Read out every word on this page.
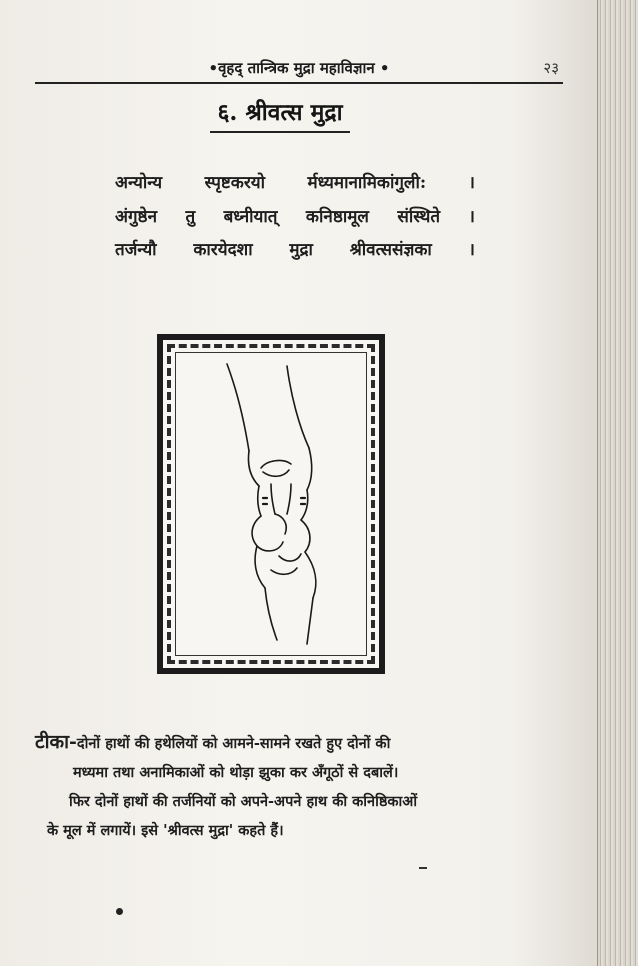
•वृहद् तान्त्रिक मुद्रा महाविज्ञान •	२३
६. श्रीवत्स मुद्रा
अन्योन्य स्पृष्टकरयो र्मध्यमानामिकांगुली: ।
अंगुष्ठेन तु बध्नीयात् कनिष्ठामूल संस्थिते ।
तर्जन्यौ कारयेदशा मुद्रा श्रीवत्ससंज्ञका ।
टीका-दोनों हाथों की हथेलियों को आमने-सामने रखते हुए दोनों की
मध्यमा तथा अनामिकाओं को थोड़ा झुका कर अँगूठों से दबालें।
फिर दोनों हाथों की तर्जनियों को अपने-अपने हाथ की कनिष्ठिकाओं
के मूल में लगायें। इसे 'श्रीवत्स मुद्रा' कहते हैं।
